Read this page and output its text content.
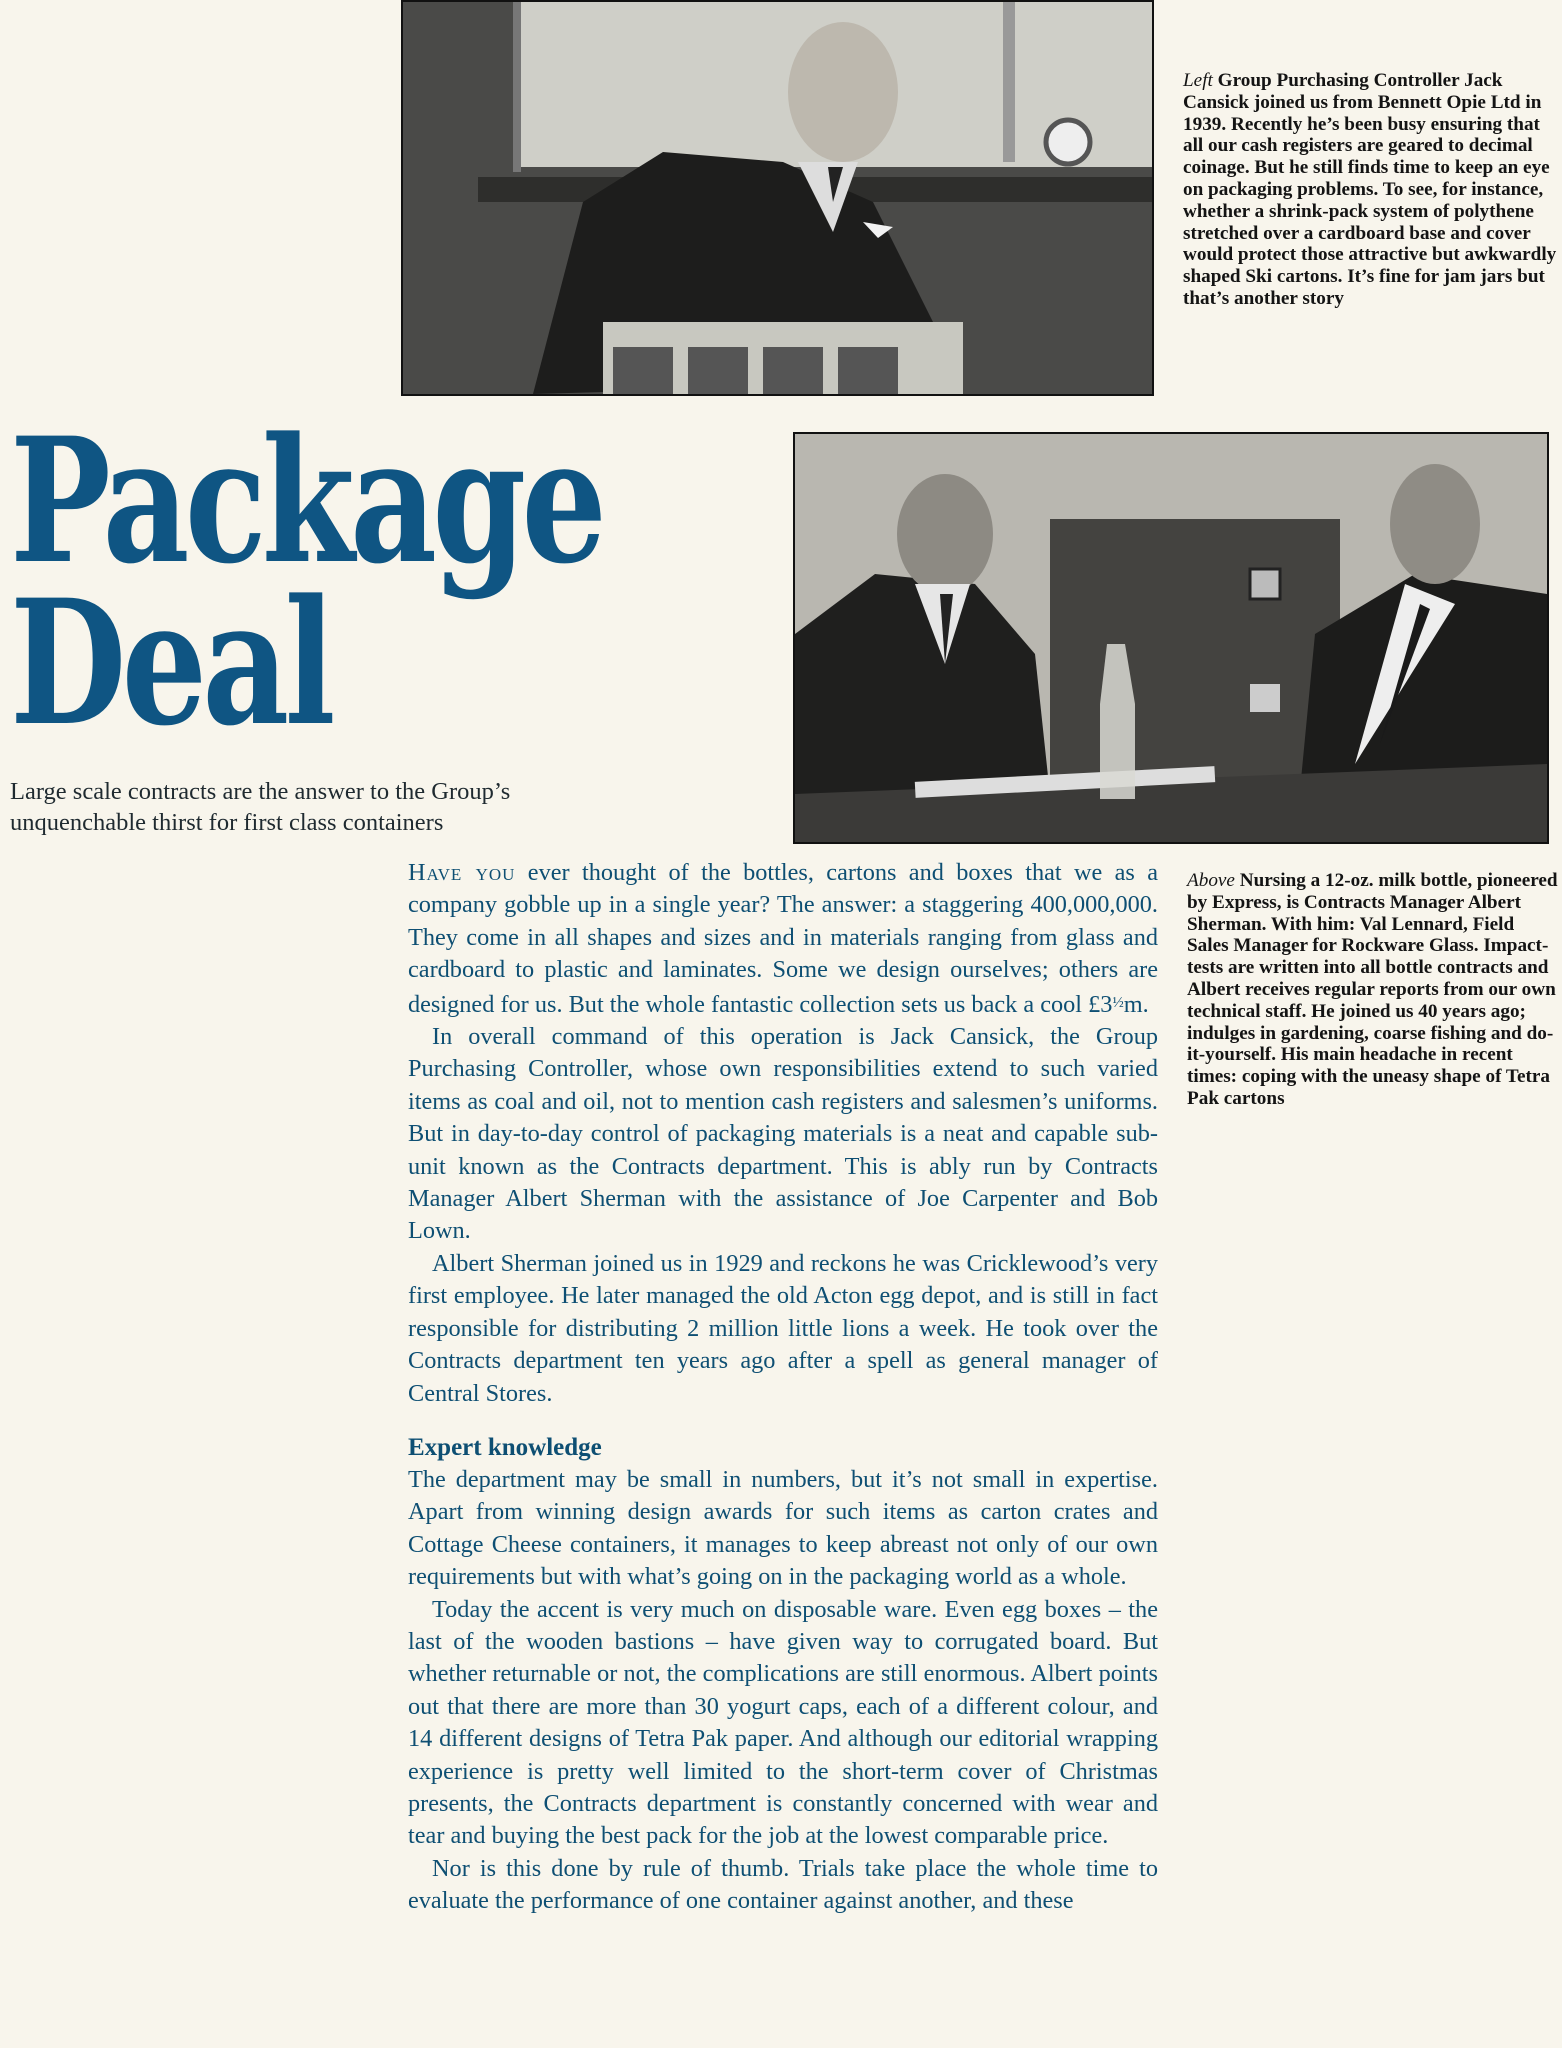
Left Group Purchasing Controller Jack Cansick joined us from Bennett Opie Ltd in 1939. Recently he’s been busy ensuring that all our cash registers are geared to decimal coinage. But he still finds time to keep an eye on packaging problems. To see, for instance, whether a shrink-pack system of polythene stretched over a cardboard base and cover would protect those attractive but awkwardly shaped Ski cartons. It’s fine for jam jars but that’s another story
Package
Deal
Large scale contracts are the answer to the Group’s unquenchable thirst for first class containers
Above Nursing a 12-oz. milk bottle, pioneered by Express, is Contracts Manager Albert Sherman. With him: Val Lennard, Field Sales Manager for Rockware Glass. Impact-tests are written into all bottle contracts and Albert receives regular reports from our own technical staff. He joined us 40 years ago; indulges in gardening, coarse fishing and do-it-yourself. His main headache in recent times: coping with the uneasy shape of Tetra Pak cartons

Have you ever thought of the bottles, cartons and boxes that we as a company gobble up in a single year? The answer: a staggering 400,000,000. They come in all shapes and sizes and in materials ranging from glass and cardboard to plastic and laminates. Some we design ourselves; others are designed for us. But the whole fantastic collection sets us back a cool $£3^{\frac{1}{2}}m$.

In overall command of this operation is Jack Cansick, the Group Purchasing Controller, whose own responsibilities extend to such varied items as coal and oil, not to mention cash registers and salesmen’s uniforms. But in day-to-day control of packaging materials is a neat and capable sub-unit known as the Contracts department. This is ably run by Contracts Manager Albert Sherman with the assistance of Joe Carpenter and Bob Lown.

Albert Sherman joined us in 1929 and reckons he was Cricklewood’s very first employee. He later managed the old Acton egg depot, and is still in fact responsible for distributing 2 million little lions a week. He took over the Contracts department ten years ago after a spell as general manager of Central Stores.

Expert knowledge

The department may be small in numbers, but it’s not small in expertise. Apart from winning design awards for such items as carton crates and Cottage Cheese containers, it manages to keep abreast not only of our own requirements but with what’s going on in the packaging world as a whole.

Today the accent is very much on disposable ware. Even egg boxes – the last of the wooden bastions – have given way to corrugated board. But whether returnable or not, the complications are still enormous. Albert points out that there are more than 30 yogurt caps, each of a different colour, and 14 different designs of Tetra Pak paper. And although our editorial wrapping experience is pretty well limited to the short-term cover of Christmas presents, the Contracts department is constantly concerned with wear and tear and buying the best pack for the job at the lowest comparable price.

Nor is this done by rule of thumb. Trials take place the whole time to evaluate the performance of one container against another, and these
